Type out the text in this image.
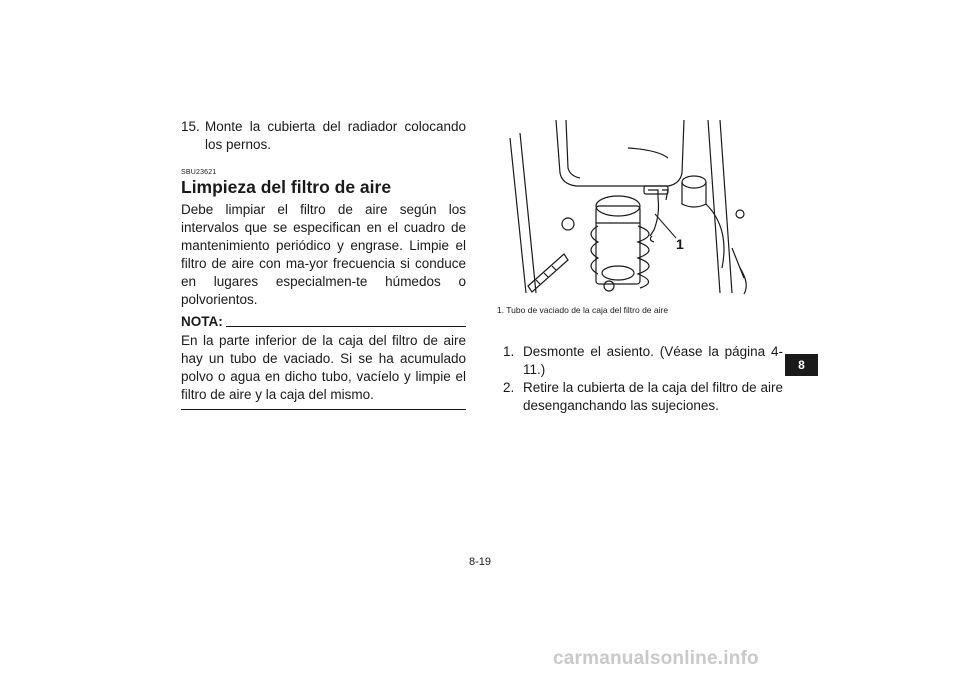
15. Monte la cubierta del radiador colocando los pernos.
SBU23621
Limpieza del filtro de aire
Debe limpiar el filtro de aire según los intervalos que se especifican en el cuadro de mantenimiento periódico y engrase. Limpie el filtro de aire con ma-yor frecuencia si conduce en lugares especialmen-te húmedos o polvorientos.
NOTA:
En la parte inferior de la caja del filtro de aire hay un tubo de vaciado. Si se ha acumulado polvo o agua en dicho tubo, vacíelo y limpie el filtro de aire y la caja del mismo.
1
1. Tubo de vaciado de la caja del filtro de aire
1. Desmonte el asiento. (Véase la página 4-11.)
2. Retire la cubierta de la caja del filtro de aire desenganchando las sujeciones.
8
8-19
carmanualsonline.info
